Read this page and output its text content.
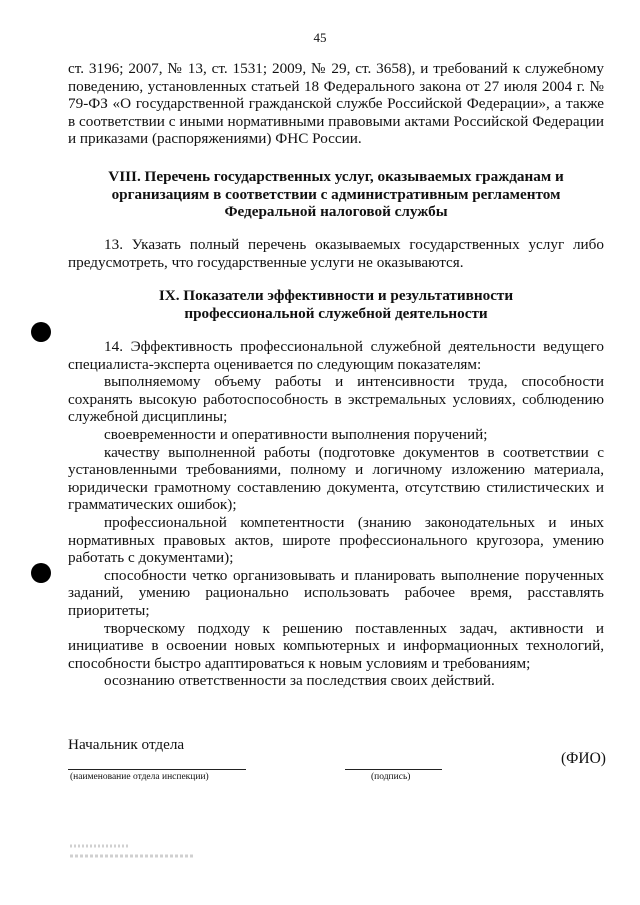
45

ст. 3196; 2007, № 13, ст. 1531; 2009, № 29, ст. 3658), и требований к служебному поведению, установленных статьей 18 Федерального закона от 27 июля 2004 г. № 79-ФЗ «О государственной гражданской службе Российской Федерации», а также в соответствии с иными нормативными правовыми актами Российской Федерации и приказами (распоряжениями) ФНС России.

VIII. Перечень государственных услуг, оказываемых гражданам и
организациям в соответствии с административным регламентом
Федеральной налоговой службы

13. Указать полный перечень оказываемых государственных услуг либо предусмотреть, что государственные услуги не оказываются.

IX. Показатели эффективности и результативности
профессиональной служебной деятельности

14. Эффективность профессиональной служебной деятельности ведущего специалиста-эксперта оценивается по следующим показателям:

выполняемому объему работы и интенсивности труда, способности сохранять высокую работоспособность в экстремальных условиях, соблюдению служебной дисциплины;

своевременности и оперативности выполнения поручений;

качеству выполненной работы (подготовке документов в соответствии с установленными требованиями, полному и логичному изложению материала, юридически грамотному составлению документа, отсутствию стилистических и грамматических ошибок);

профессиональной компетентности (знанию законодательных и иных нормативных правовых актов, широте профессионального кругозора, умению работать с документами);

способности четко организовывать и планировать выполнение порученных заданий, умению рационально использовать рабочее время, расставлять приоритеты;

творческому подходу к решению поставленных задач, активности и инициативе в освоении новых компьютерных и информационных технологий, способности быстро адаптироваться к новым условиям и требованиям;

осознанию ответственности за последствия своих действий.

Начальник отдела
(наименование отдела инспекции)	(подпись)
(ФИО)
